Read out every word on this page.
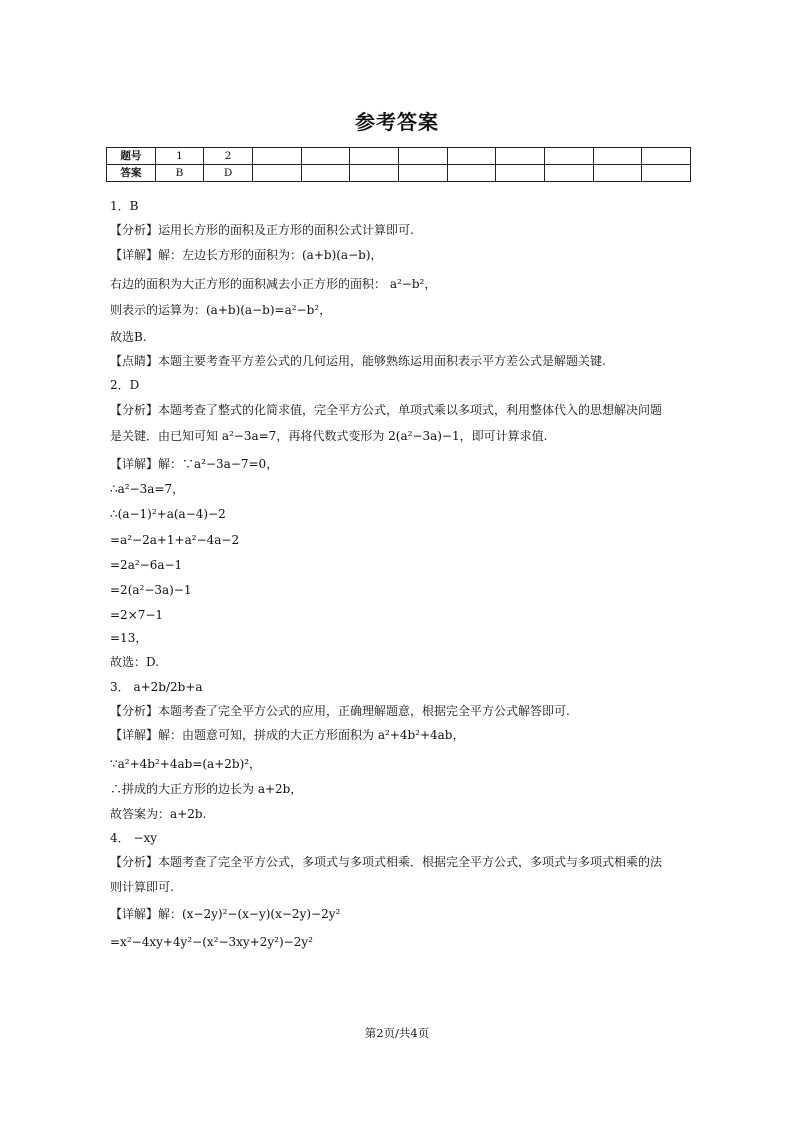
参考答案
题号	1	2									
答案	B	D									
1．B
【分析】运用长方形的面积及正方形的面积公式计算即可.
【详解】解：左边长方形的面积为：(a+b)(a−b)，
右边的面积为大正方形的面积减去小正方形的面积： a²−b²，
则表示的运算为：(a+b)(a−b)=a²−b²，
故选B.
【点睛】本题主要考查平方差公式的几何运用，能够熟练运用面积表示平方差公式是解题关键.
2．D
【分析】本题考查了整式的化简求值，完全平方公式，单项式乘以多项式，利用整体代入的思想解决问题
是关键．由已知可知 a²−3a=7，再将代数式变形为 2(a²−3a)−1，即可计算求值.
【详解】解：∵a²−3a−7=0，
∴a²−3a=7，
∴(a−1)²+a(a−4)−2
=a²−2a+1+a²−4a−2
=2a²−6a−1
=2(a²−3a)−1
=2×7−1
=13，
故选：D.
3． a+2b/2b+a
【分析】本题考查了完全平方公式的应用，正确理解题意，根据完全平方公式解答即可.
【详解】解：由题意可知，拼成的大正方形面积为 a²+4b²+4ab，
∵a²+4b²+4ab=(a+2b)²，
∴拼成的大正方形的边长为 a+2b，
故答案为：a+2b.
4． −xy
【分析】本题考查了完全平方公式，多项式与多项式相乘．根据完全平方公式，多项式与多项式相乘的法
则计算即可.
【详解】解：(x−2y)²−(x−y)(x−2y)−2y²
=x²−4xy+4y²−(x²−3xy+2y²)−2y²
第2页/共4页
